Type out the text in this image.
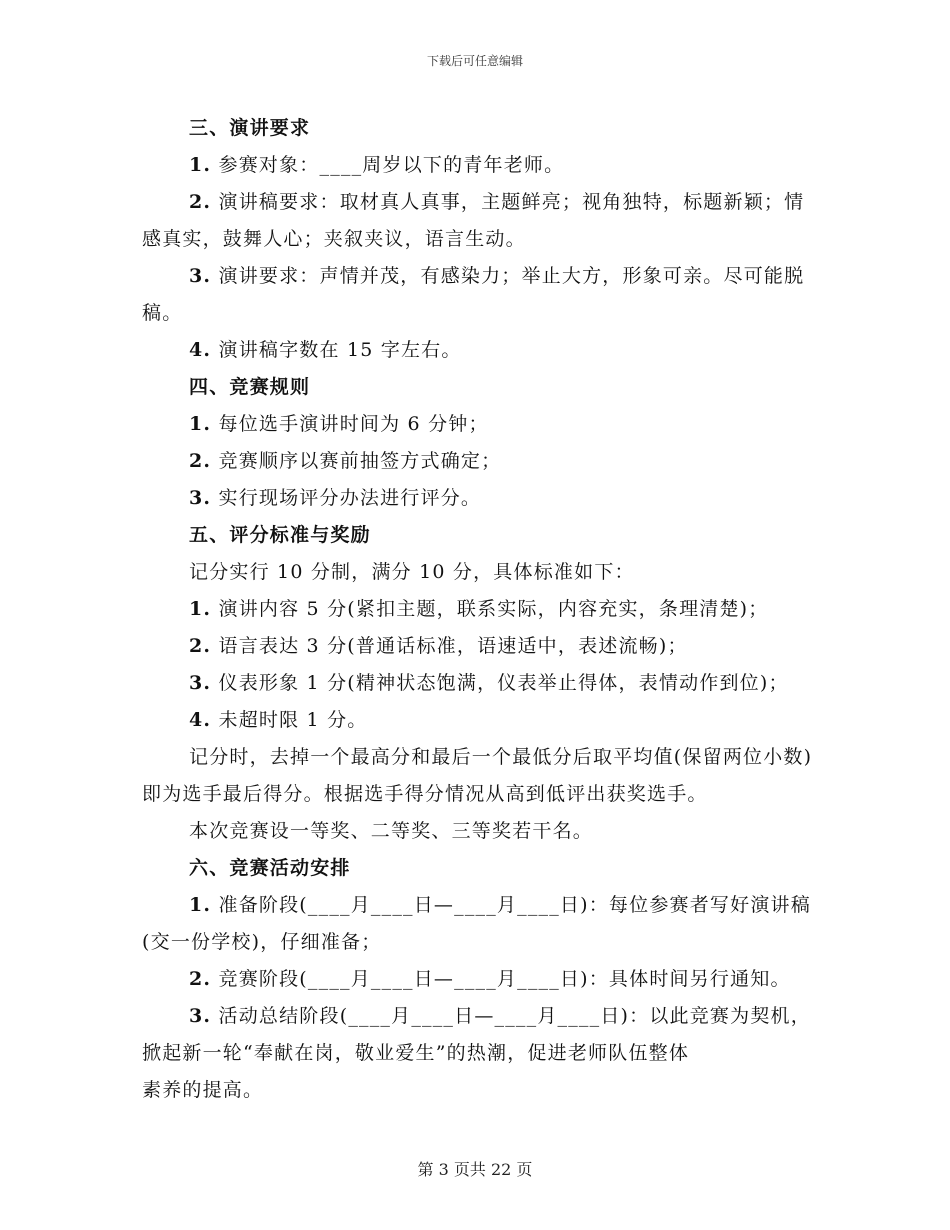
下载后可任意编辑

三、演讲要求

1. 参赛对象：____周岁以下的青年老师。

2. 演讲稿要求：取材真人真事，主题鲜亮；视角独特，标题新颖；情感真实，鼓舞人心；夹叙夹议，语言生动。

3. 演讲要求：声情并茂，有感染力；举止大方，形象可亲。尽可能脱稿。

4. 演讲稿字数在 15 字左右。

四、竞赛规则

1. 每位选手演讲时间为 6 分钟；

2. 竞赛顺序以赛前抽签方式确定；

3. 实行现场评分办法进行评分。

五、评分标准与奖励

记分实行 10 分制，满分 10 分，具体标准如下：

1. 演讲内容 5 分(紧扣主题，联系实际，内容充实，条理清楚)；

2. 语言表达 3 分(普通话标准，语速适中，表述流畅)；

3. 仪表形象 1 分(精神状态饱满，仪表举止得体，表情动作到位)；

4. 未超时限 1 分。

记分时，去掉一个最高分和最后一个最低分后取平均值(保留两位小数)即为选手最后得分。根据选手得分情况从高到低评出获奖选手。

本次竞赛设一等奖、二等奖、三等奖若干名。

六、竞赛活动安排

1. 准备阶段(____月____日—____月____日)：每位参赛者写好演讲稿(交一份学校)，仔细准备；

2. 竞赛阶段(____月____日—____月____日)：具体时间另行通知。

3. 活动总结阶段(____月____日—____月____日)：以此竞赛为契机，掀起新一轮“奉献在岗，敬业爱生”的热潮，促进老师队伍整体

素养的提高。

第 3 页共 22 页
